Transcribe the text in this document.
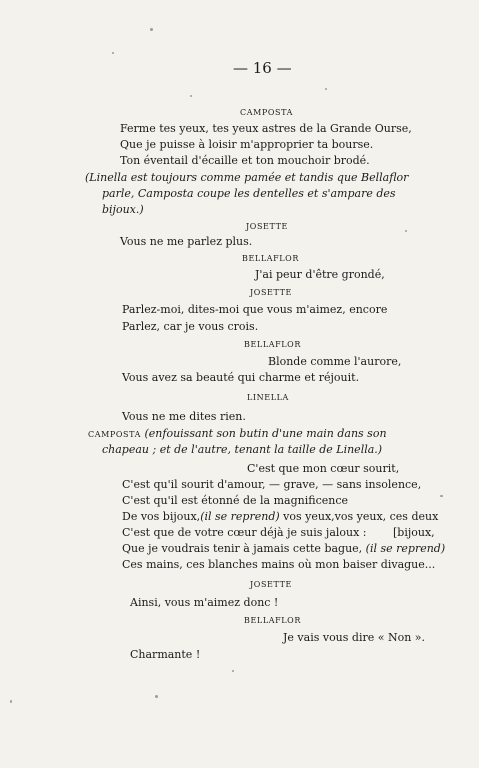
— 16 —
CAMPOSTA
Ferme tes yeux, tes yeux astres de la Grande Ourse,
Que je puisse à loisir m'approprier ta bourse.
Ton éventail d'écaille et ton mouchoir brodé.
(Linella est toujours comme pamée et tandis que Bellaflor
parle, Camposta coupe les dentelles et s'ampare des
bijoux.)
JOSETTE
Vous ne me parlez plus.
BELLAFLOR
J'ai peur d'être grondé,
JOSETTE
Parlez-moi, dites-moi que vous m'aimez, encore
Parlez, car je vous crois.
BELLAFLOR
Blonde comme l'aurore,
Vous avez sa beauté qui charme et réjouit.
LINELLA
Vous ne me dites rien.
CAMPOSTA (enfouissant son butin d'une main dans son
chapeau ; et de l'autre, tenant la taille de Linella.)
C'est que mon cœur sourit,
C'est qu'il sourit d'amour, — grave, — sans insolence,
C'est qu'il est étonné de la magnificence
De vos bijoux,(il se reprend) vos yeux,vos yeux, ces deux
C'est que de votre cœur déjà je suis jaloux : [bijoux,
Que je voudrais tenir à jamais cette bague, (il se reprend)
Ces mains, ces blanches mains où mon baiser divague...
JOSETTE
Ainsi, vous m'aimez donc !
BELLAFLOR
Je vais vous dire « Non ».
Charmante !
